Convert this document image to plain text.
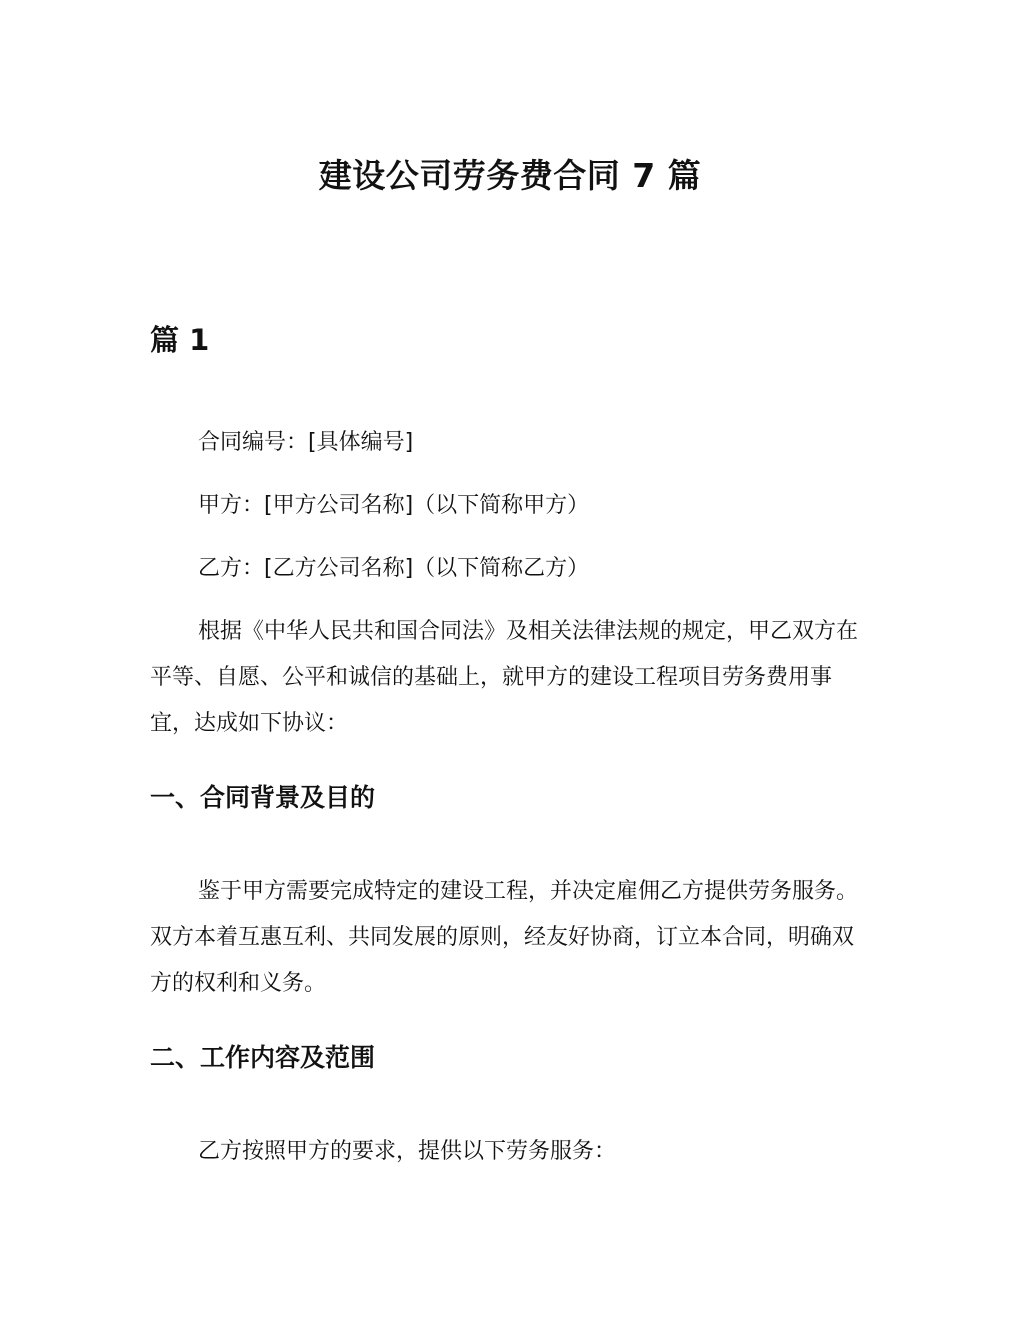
建设公司劳务费合同 7 篇
篇 1

合同编号：[具体编号]

甲方：[甲方公司名称]（以下简称甲方）

乙方：[乙方公司名称]（以下简称乙方）

根据《中华人民共和国合同法》及相关法律法规的规定，甲乙双方在平等、自愿、公平和诚信的基础上，就甲方的建设工程项目劳务费用事宜，达成如下协议：

一、合同背景及目的

鉴于甲方需要完成特定的建设工程，并决定雇佣乙方提供劳务服务。双方本着互惠互利、共同发展的原则，经友好协商，订立本合同，明确双方的权利和义务。

二、工作内容及范围

乙方按照甲方的要求，提供以下劳务服务：
